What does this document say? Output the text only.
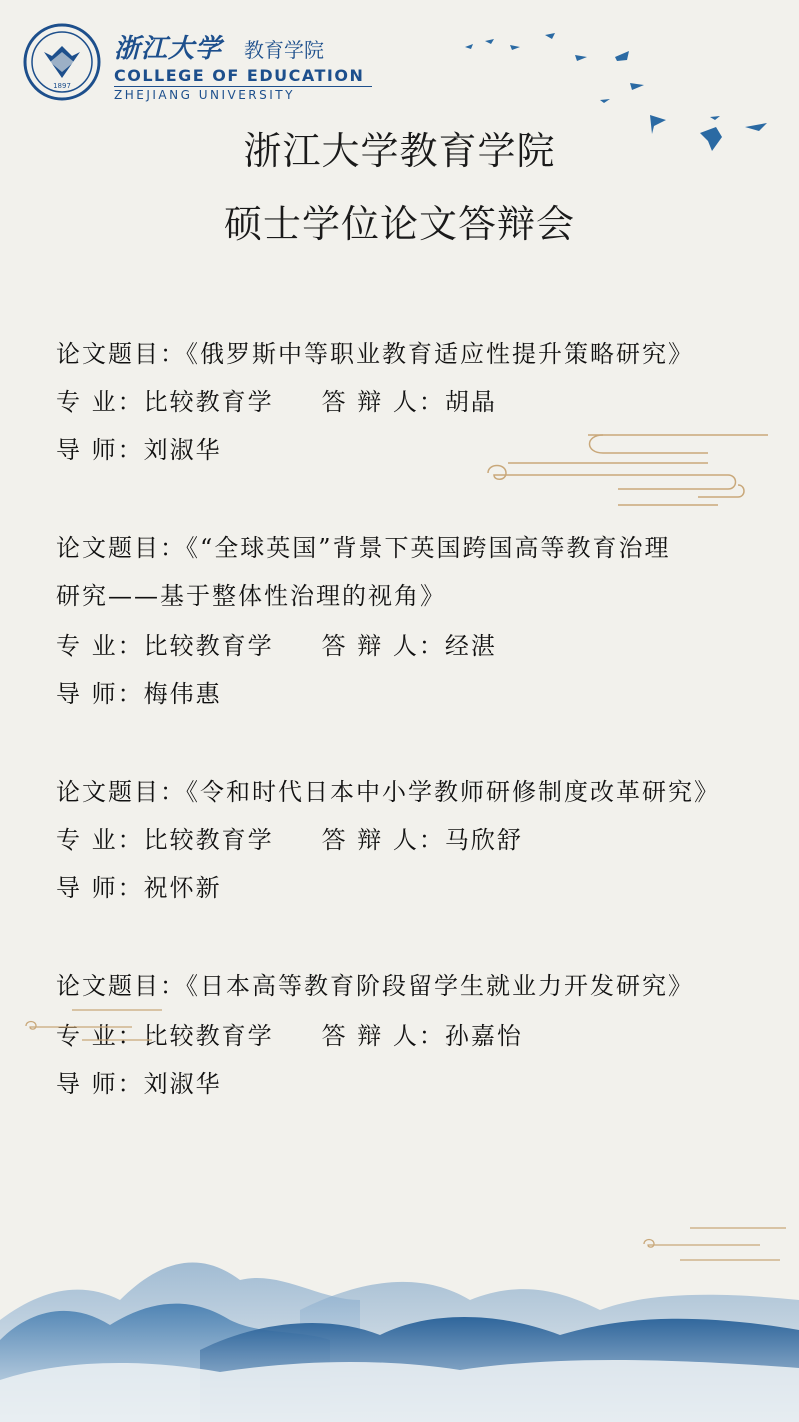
1897
浙江大学 教育学院
COLLEGE OF EDUCATION
ZHEJIANG UNIVERSITY
浙江大学教育学院
硕士学位论文答辩会
论文题目：《俄罗斯中等职业教育适应性提升策略研究》
专 业：比较教育学 答 辩 人：胡晶
导 师：刘淑华
论文题目：《“全球英国”背景下英国跨国高等教育治理
研究——基于整体性治理的视角》
专 业：比较教育学 答 辩 人：经湛
导 师：梅伟惠
论文题目：《令和时代日本中小学教师研修制度改革研究》
专 业：比较教育学 答 辩 人：马欣舒
导 师：祝怀新
论文题目：《日本高等教育阶段留学生就业力开发研究》
专 业：比较教育学 答 辩 人：孙嘉怡
导 师：刘淑华
